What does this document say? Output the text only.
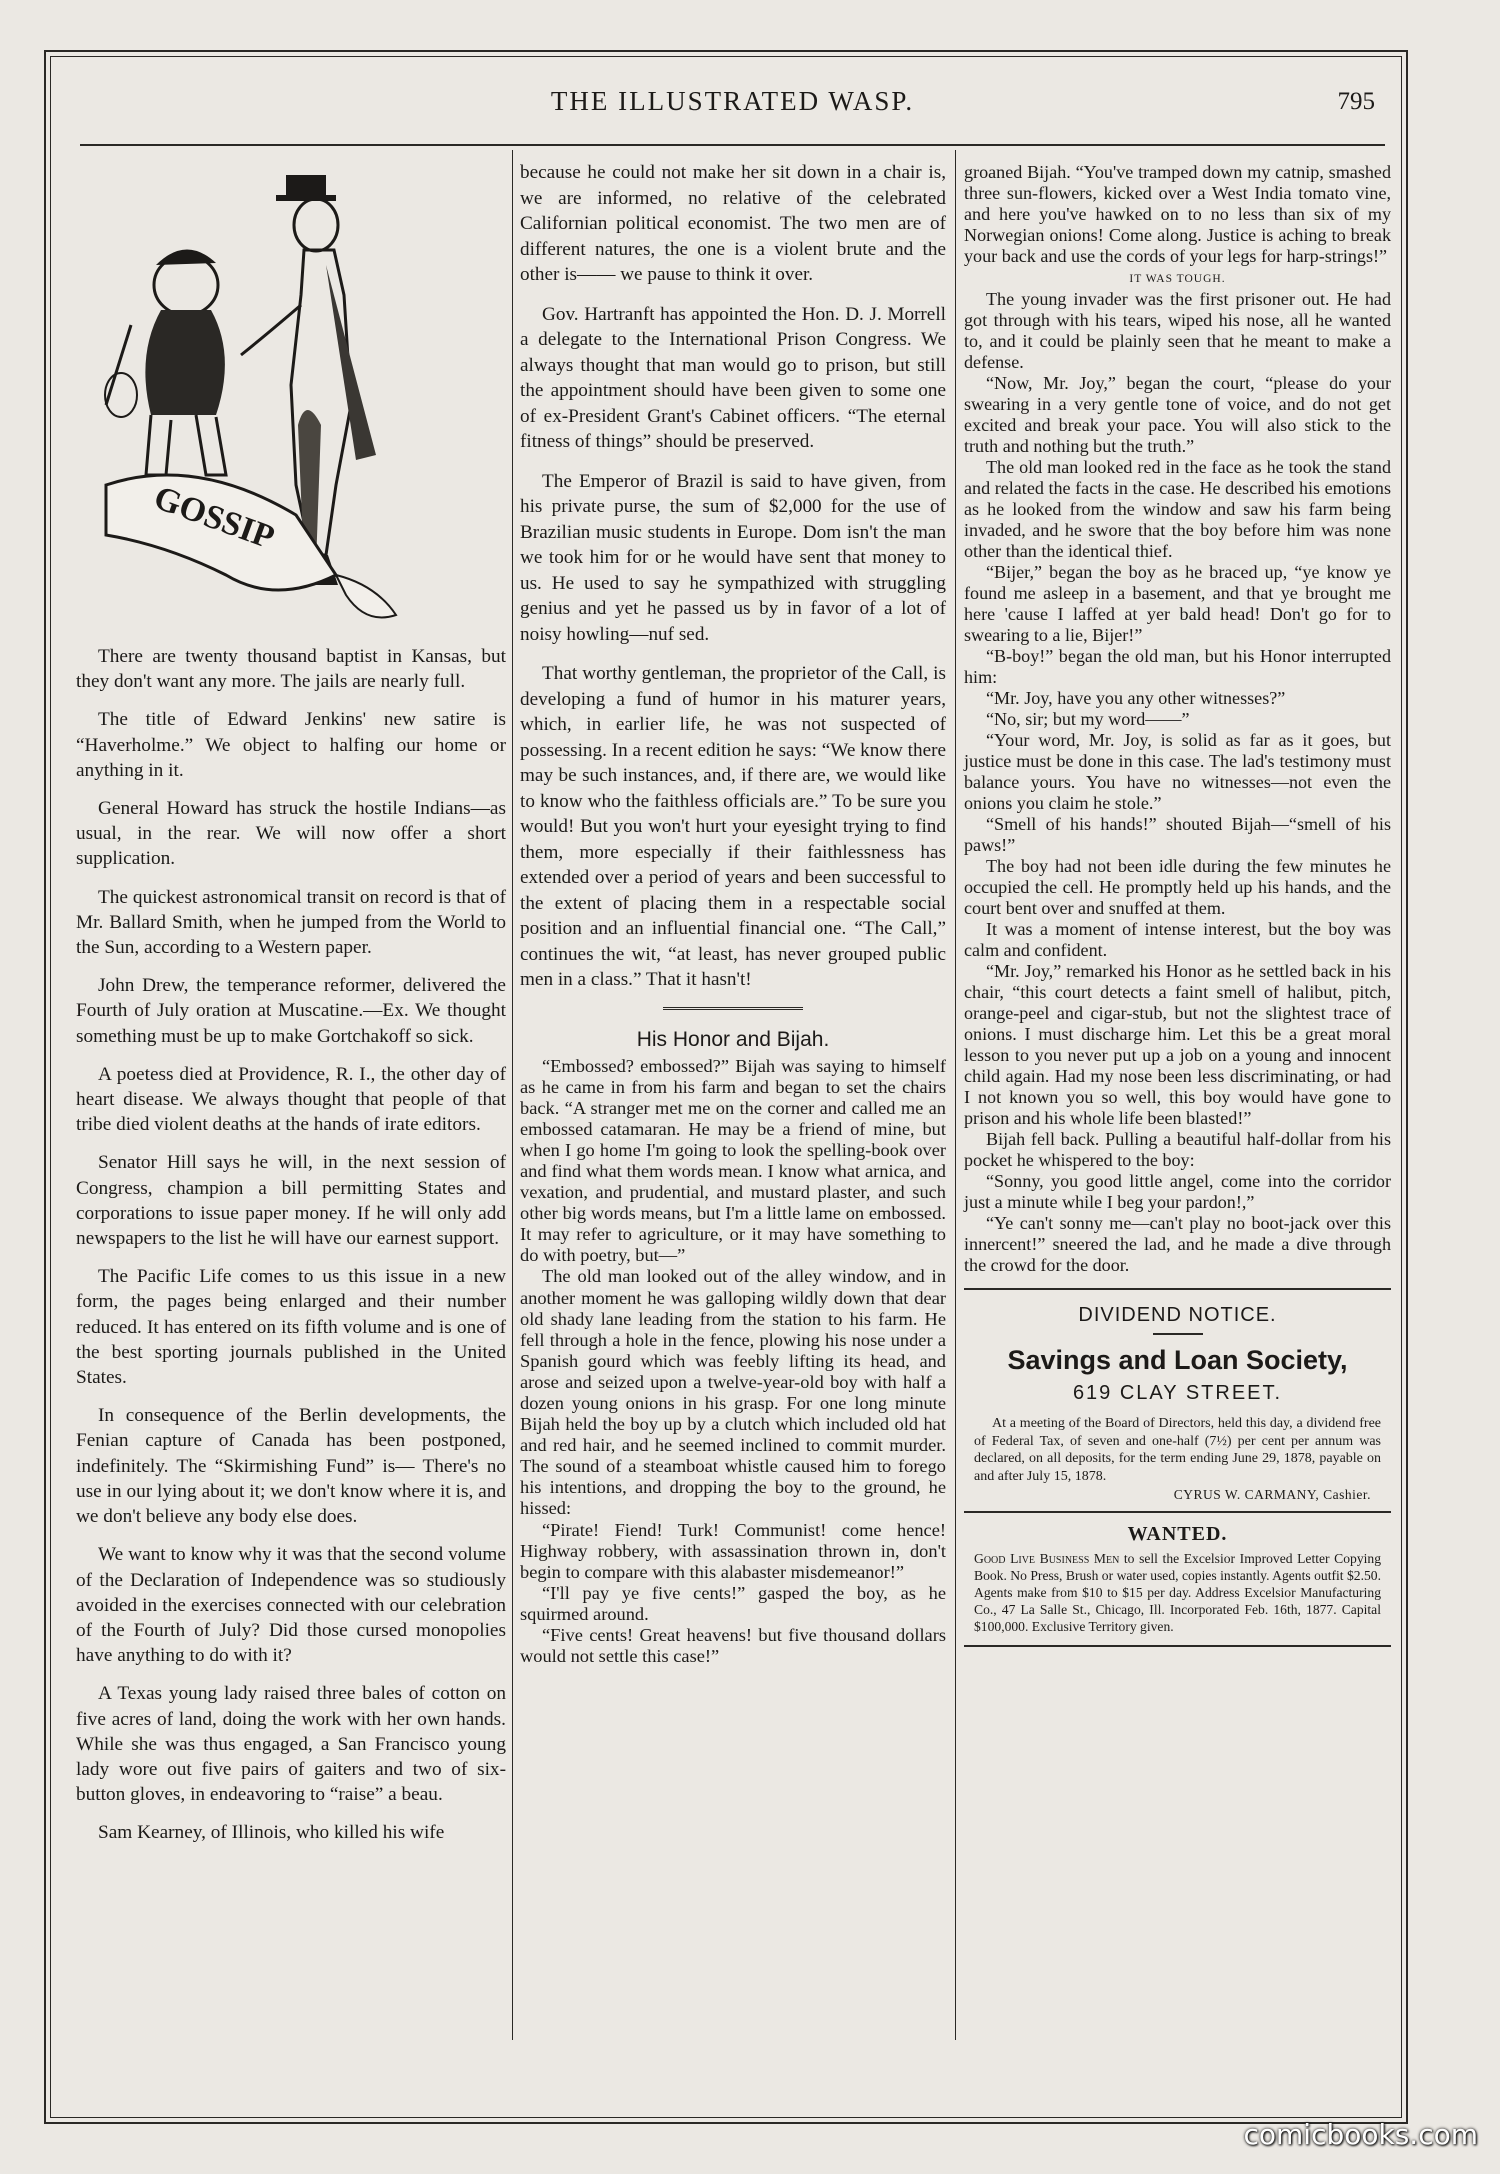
THE ILLUSTRATED WASP.	795
GOSSIP

There are twenty thousand baptist in Kansas, but they don't want any more. The jails are nearly full.

The title of Edward Jenkins' new satire is “Haverholme.” We object to halfing our home or anything in it.

General Howard has struck the hostile Indians—as usual, in the rear. We will now offer a short supplication.

The quickest astronomical transit on record is that of Mr. Ballard Smith, when he jumped from the World to the Sun, according to a Western paper.

John Drew, the temperance reformer, delivered the Fourth of July oration at Muscatine.—Ex. We thought something must be up to make Gortchakoff so sick.

A poetess died at Providence, R. I., the other day of heart disease. We always thought that people of that tribe died violent deaths at the hands of irate editors.

Senator Hill says he will, in the next session of Congress, champion a bill permitting States and corporations to issue paper money. If he will only add newspapers to the list he will have our earnest support.

The Pacific Life comes to us this issue in a new form, the pages being enlarged and their number reduced. It has entered on its fifth volume and is one of the best sporting journals published in the United States.

In consequence of the Berlin developments, the Fenian capture of Canada has been postponed, indefinitely. The “Skirmishing Fund” is— There's no use in our lying about it; we don't know where it is, and we don't believe any body else does.

We want to know why it was that the second volume of the Declaration of Independence was so studiously avoided in the exercises connected with our celebration of the Fourth of July? Did those cursed monopolies have anything to do with it?

A Texas young lady raised three bales of cotton on five acres of land, doing the work with her own hands. While she was thus engaged, a San Francisco young lady wore out five pairs of gaiters and two of six-button gloves, in endeavoring to “raise” a beau.

Sam Kearney, of Illinois, who killed his wife

because he could not make her sit down in a chair is, we are informed, no relative of the celebrated Californian political economist. The two men are of different natures, the one is a violent brute and the other is—— we pause to think it over.

Gov. Hartranft has appointed the Hon. D. J. Morrell a delegate to the International Prison Congress. We always thought that man would go to prison, but still the appointment should have been given to some one of ex-President Grant's Cabinet officers. “The eternal fitness of things” should be preserved.

The Emperor of Brazil is said to have given, from his private purse, the sum of $2,000 for the use of Brazilian music students in Europe. Dom isn't the man we took him for or he would have sent that money to us. He used to say he sympathized with struggling genius and yet he passed us by in favor of a lot of noisy howling—nuf sed.

That worthy gentleman, the proprietor of the Call, is developing a fund of humor in his maturer years, which, in earlier life, he was not suspected of possessing. In a recent edition he says: “We know there may be such instances, and, if there are, we would like to know who the faithless officials are.” To be sure you would! But you won't hurt your eyesight trying to find them, more especially if their faithlessness has extended over a period of years and been successful to the extent of placing them in a respectable social position and an influential financial one. “The Call,” continues the wit, “at least, has never grouped public men in a class.” That it hasn't!

His Honor and Bijah.

“Embossed? embossed?” Bijah was saying to himself as he came in from his farm and began to set the chairs back. “A stranger met me on the corner and called me an embossed catamaran. He may be a friend of mine, but when I go home I'm going to look the spelling-book over and find what them words mean. I know what arnica, and vexation, and prudential, and mustard plaster, and such other big words means, but I'm a little lame on embossed. It may refer to agriculture, or it may have something to do with poetry, but—”

The old man looked out of the alley window, and in another moment he was galloping wildly down that dear old shady lane leading from the station to his farm. He fell through a hole in the fence, plowing his nose under a Spanish gourd which was feebly lifting its head, and arose and seized upon a twelve-year-old boy with half a dozen young onions in his grasp. For one long minute Bijah held the boy up by a clutch which included old hat and red hair, and he seemed inclined to commit murder. The sound of a steamboat whistle caused him to forego his intentions, and dropping the boy to the ground, he hissed:

“Pirate! Fiend! Turk! Communist! come hence! Highway robbery, with assassination thrown in, don't begin to compare with this alabaster misdemeanor!”

“I'll pay ye five cents!” gasped the boy, as he squirmed around.

“Five cents! Great heavens! but five thousand dollars would not settle this case!”

groaned Bijah. “You've tramped down my catnip, smashed three sun-flowers, kicked over a West India tomato vine, and here you've hawked on to no less than six of my Norwegian onions! Come along. Justice is aching to break your back and use the cords of your legs for harp-strings!”

IT WAS TOUGH.

The young invader was the first prisoner out. He had got through with his tears, wiped his nose, all he wanted to, and it could be plainly seen that he meant to make a defense.

“Now, Mr. Joy,” began the court, “please do your swearing in a very gentle tone of voice, and do not get excited and break your pace. You will also stick to the truth and nothing but the truth.”

The old man looked red in the face as he took the stand and related the facts in the case. He described his emotions as he looked from the window and saw his farm being invaded, and he swore that the boy before him was none other than the identical thief.

“Bijer,” began the boy as he braced up, “ye know ye found me asleep in a basement, and that ye brought me here 'cause I laffed at yer bald head! Don't go for to swearing to a lie, Bijer!”

“B-boy!” began the old man, but his Honor interrupted him:

“Mr. Joy, have you any other witnesses?”

“No, sir; but my word——”

“Your word, Mr. Joy, is solid as far as it goes, but justice must be done in this case. The lad's testimony must balance yours. You have no witnesses—not even the onions you claim he stole.”

“Smell of his hands!” shouted Bijah—“smell of his paws!”

The boy had not been idle during the few minutes he occupied the cell. He promptly held up his hands, and the court bent over and snuffed at them.

It was a moment of intense interest, but the boy was calm and confident.

“Mr. Joy,” remarked his Honor as he settled back in his chair, “this court detects a faint smell of halibut, pitch, orange-peel and cigar-stub, but not the slightest trace of onions. I must discharge him. Let this be a great moral lesson to you never put up a job on a young and innocent child again. Had my nose been less discriminating, or had I not known you so well, this boy would have gone to prison and his whole life been blasted!”

Bijah fell back. Pulling a beautiful half-dollar from his pocket he whispered to the boy:

“Sonny, you good little angel, come into the corridor just a minute while I beg your pardon!,”

“Ye can't sonny me—can't play no boot-jack over this innercent!” sneered the lad, and he made a dive through the crowd for the door.

DIVIDEND NOTICE.
Savings and Loan Society,
619 CLAY STREET.

At a meeting of the Board of Directors, held this day, a dividend free of Federal Tax, of seven and one-half (7½) per cent per annum was declared, on all deposits, for the term ending June 29, 1878, payable on and after July 15, 1878.

CYRUS W. CARMANY, Cashier.
WANTED.

Good Live Business Men to sell the Excelsior Improved Letter Copying Book. No Press, Brush or water used, copies instantly. Agents outfit $2.50. Agents make from $10 to $15 per day. Address Excelsior Manufacturing Co., 47 La Salle St., Chicago, Ill. Incorporated Feb. 16th, 1877. Capital $100,000. Exclusive Territory given.

comicbooks.com
